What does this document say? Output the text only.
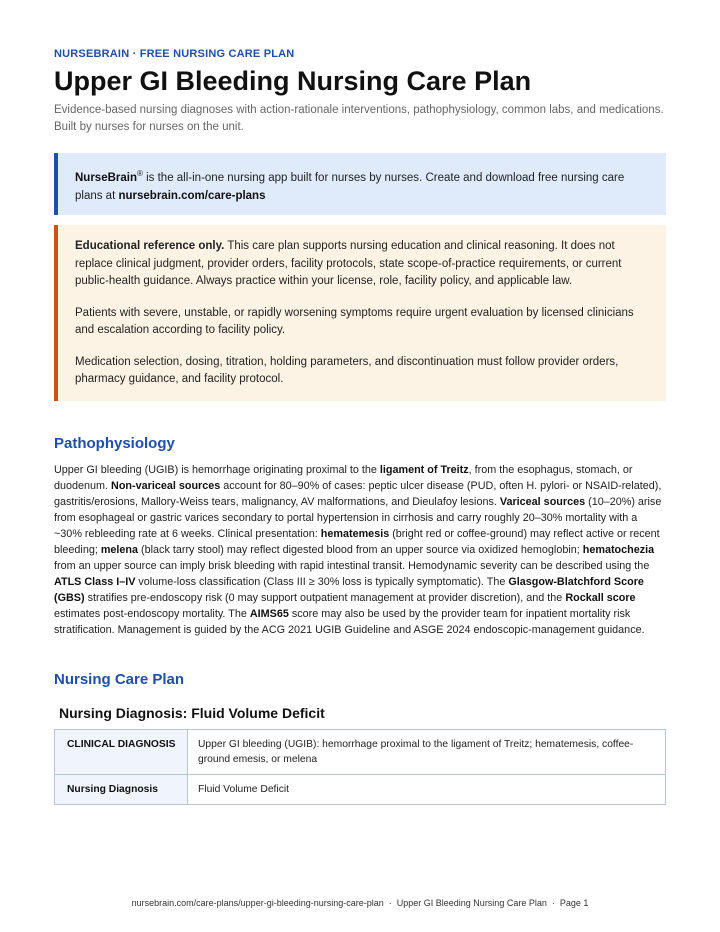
NURSEBRAIN · FREE NURSING CARE PLAN
Upper GI Bleeding Nursing Care Plan
Evidence-based nursing diagnoses with action-rationale interventions, pathophysiology, common labs, and medications.
Built by nurses for nurses on the unit.
NurseBrain® is the all-in-one nursing app built for nurses by nurses. Create and download free nursing care plans at nursebrain.com/care-plans

Educational reference only. This care plan supports nursing education and clinical reasoning. It does not replace clinical judgment, provider orders, facility protocols, state scope-of-practice requirements, or current public-health guidance. Always practice within your license, role, facility policy, and applicable law.

Patients with severe, unstable, or rapidly worsening symptoms require urgent evaluation by licensed clinicians and escalation according to facility policy.

Medication selection, dosing, titration, holding parameters, and discontinuation must follow provider orders, pharmacy guidance, and facility protocol.

Pathophysiology
Upper GI bleeding (UGIB) is hemorrhage originating proximal to the ligament of Treitz, from the esophagus, stomach, or duodenum. Non-variceal sources account for 80–90% of cases: peptic ulcer disease (PUD, often H. pylori- or NSAID-related), gastritis/erosions, Mallory-Weiss tears, malignancy, AV malformations, and Dieulafoy lesions. Variceal sources (10–20%) arise from esophageal or gastric varices secondary to portal hypertension in cirrhosis and carry roughly 20–30% mortality with a ~30% rebleeding rate at 6 weeks. Clinical presentation: hematemesis (bright red or coffee-ground) may reflect active or recent bleeding; melena (black tarry stool) may reflect digested blood from an upper source via oxidized hemoglobin; hematochezia from an upper source can imply brisk bleeding with rapid intestinal transit. Hemodynamic severity can be described using the ATLS Class I–IV volume-loss classification (Class III ≥ 30% loss is typically symptomatic). The Glasgow-Blatchford Score (GBS) stratifies pre-endoscopy risk (0 may support outpatient management at provider discretion), and the Rockall score estimates post-endoscopy mortality. The AIMS65 score may also be used by the provider team for inpatient mortality risk stratification. Management is guided by the ACG 2021 UGIB Guideline and ASGE 2024 endoscopic-management guidance.
Nursing Care Plan
Nursing Diagnosis: Fluid Volume Deficit
CLINICAL DIAGNOSIS	Upper GI bleeding (UGIB): hemorrhage proximal to the ligament of Treitz; hematemesis, coffee-ground emesis, or melena
Nursing Diagnosis	Fluid Volume Deficit
nursebrain.com/care-plans/upper-gi-bleeding-nursing-care-plan · Upper GI Bleeding Nursing Care Plan · Page 1
